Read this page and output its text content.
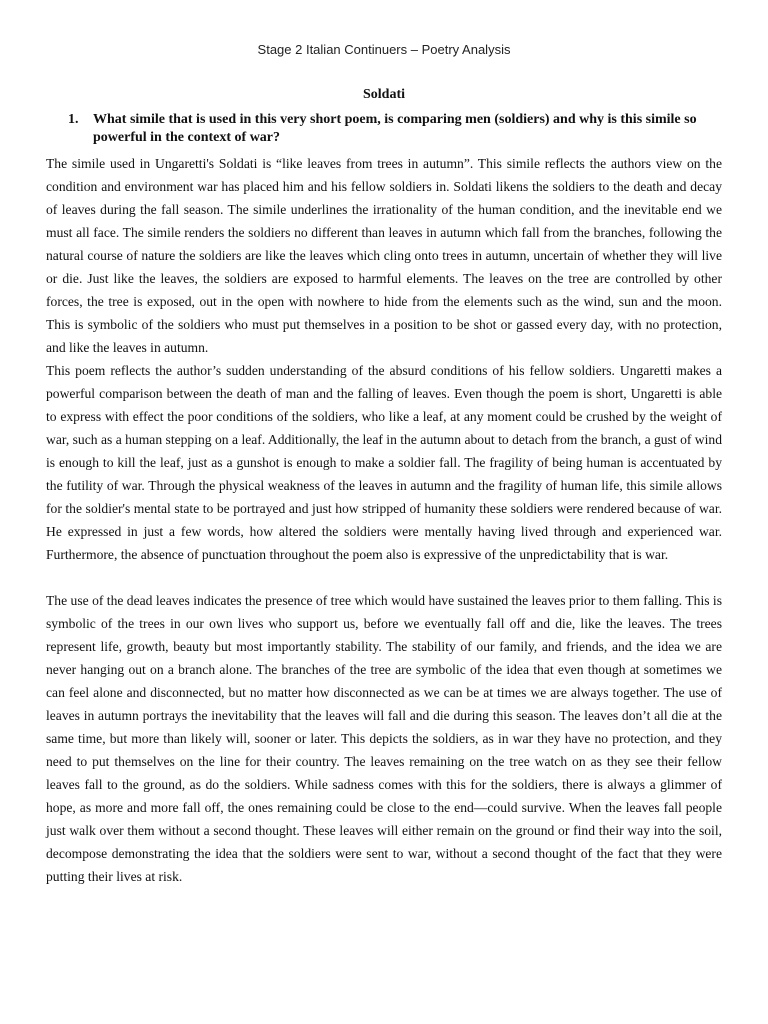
Stage 2 Italian Continuers – Poetry Analysis
Soldati
1.	What simile that is used in this very short poem, is comparing men (soldiers) and why is this simile so powerful in the context of war?

The simile used in Ungaretti's Soldati is “like leaves from trees in autumn”. This simile reflects the authors view on the condition and environment war has placed him and his fellow soldiers in. Soldati likens the soldiers to the death and decay of leaves during the fall season. The simile underlines the irrationality of the human condition, and the inevitable end we must all face. The simile renders the soldiers no different than leaves in autumn which fall from the branches, following the natural course of nature the soldiers are like the leaves which cling onto trees in autumn, uncertain of whether they will live or die. Just like the leaves, the soldiers are exposed to harmful elements. The leaves on the tree are controlled by other forces, the tree is exposed, out in the open with nowhere to hide from the elements such as the wind, sun and the moon. This is symbolic of the soldiers who must put themselves in a position to be shot or gassed every day, with no protection, and like the leaves in autumn.

This poem reflects the author’s sudden understanding of the absurd conditions of his fellow soldiers. Ungaretti makes a powerful comparison between the death of man and the falling of leaves. Even though the poem is short, Ungaretti is able to express with effect the poor conditions of the soldiers, who like a leaf, at any moment could be crushed by the weight of war, such as a human stepping on a leaf. Additionally, the leaf in the autumn about to detach from the branch, a gust of wind is enough to kill the leaf, just as a gunshot is enough to make a soldier fall. The fragility of being human is accentuated by the futility of war. Through the physical weakness of the leaves in autumn and the fragility of human life, this simile allows for the soldier's mental state to be portrayed and just how stripped of humanity these soldiers were rendered because of war. He expressed in just a few words, how altered the soldiers were mentally having lived through and experienced war. Furthermore, the absence of punctuation throughout the poem also is expressive of the unpredictability that is war.

The use of the dead leaves indicates the presence of tree which would have sustained the leaves prior to them falling. This is symbolic of the trees in our own lives who support us, before we eventually fall off and die, like the leaves. The trees represent life, growth, beauty but most importantly stability. The stability of our family, and friends, and the idea we are never hanging out on a branch alone. The branches of the tree are symbolic of the idea that even though at sometimes we can feel alone and disconnected, but no matter how disconnected as we can be at times we are always together. The use of leaves in autumn portrays the inevitability that the leaves will fall and die during this season. The leaves don’t all die at the same time, but more than likely will, sooner or later. This depicts the soldiers, as in war they have no protection, and they need to put themselves on the line for their country. The leaves remaining on the tree watch on as they see their fellow leaves fall to the ground, as do the soldiers. While sadness comes with this for the soldiers, there is always a glimmer of hope, as more and more fall off, the ones remaining could be close to the end—could survive. When the leaves fall people just walk over them without a second thought. These leaves will either remain on the ground or find their way into the soil, decompose demonstrating the idea that the soldiers were sent to war, without a second thought of the fact that they were putting their lives at risk.
